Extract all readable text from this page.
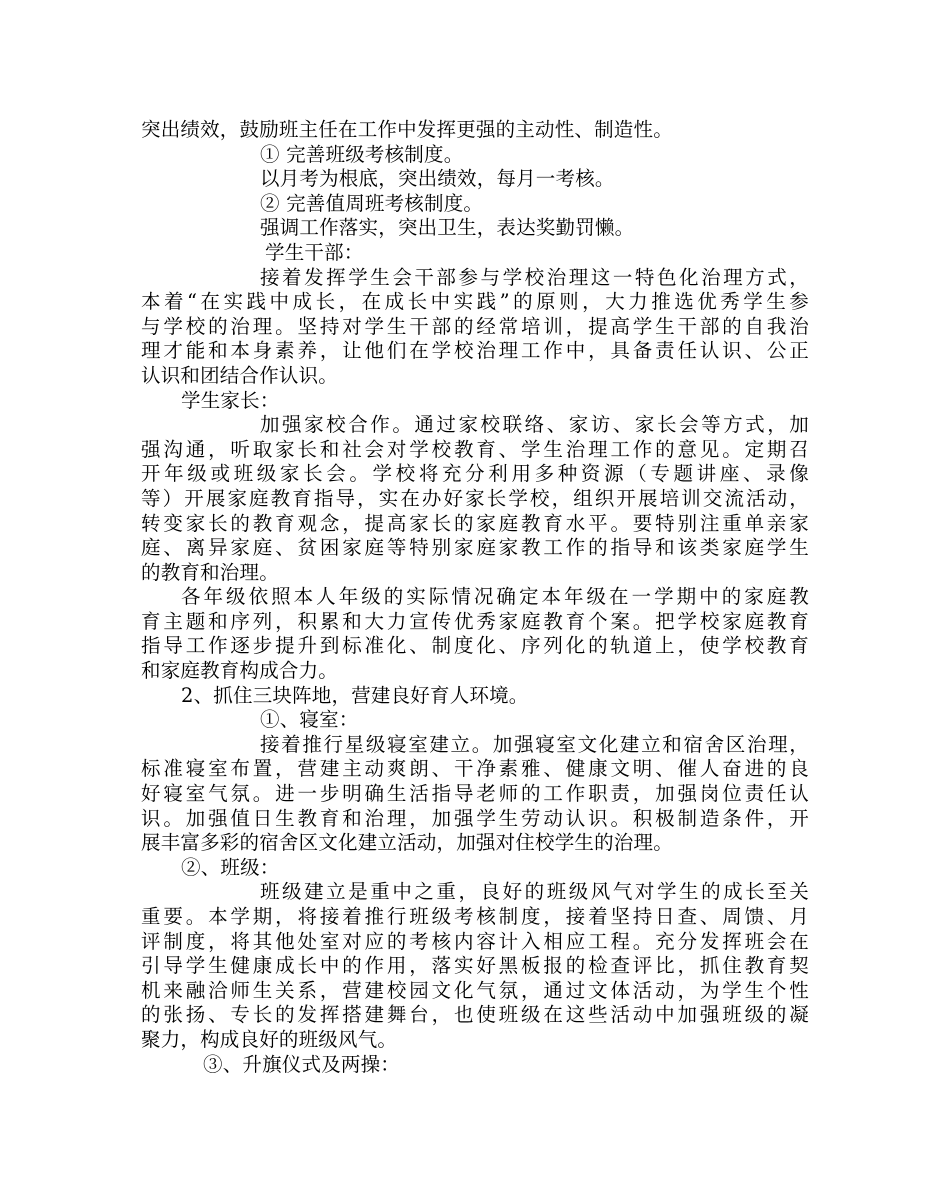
突出绩效，鼓励班主任在工作中发挥更强的主动性、制造性。
① 完善班级考核制度。
以月考为根底，突出绩效，每月一考核。
② 完善值周班考核制度。
强调工作落实，突出卫生，表达奖勤罚懒。
学生干部：
接着发挥学生会干部参与学校治理这一特色化治理方式，
本着“在实践中成长，在成长中实践”的原则，大力推选优秀学生参
与学校的治理。坚持对学生干部的经常培训，提高学生干部的自我治
理才能和本身素养，让他们在学校治理工作中，具备责任认识、公正
认识和团结合作认识。
学生家长：
加强家校合作。通过家校联络、家访、家长会等方式，加
强沟通，听取家长和社会对学校教育、学生治理工作的意见。定期召
开年级或班级家长会。学校将充分利用多种资源（专题讲座、录像
等）开展家庭教育指导，实在办好家长学校，组织开展培训交流活动，
转变家长的教育观念，提高家长的家庭教育水平。要特别注重单亲家
庭、离异家庭、贫困家庭等特别家庭家教工作的指导和该类家庭学生
的教育和治理。
各年级依照本人年级的实际情况确定本年级在一学期中的家庭教
育主题和序列，积累和大力宣传优秀家庭教育个案。把学校家庭教育
指导工作逐步提升到标准化、制度化、序列化的轨道上，使学校教育
和家庭教育构成合力。
2、抓住三块阵地，营建良好育人环境。
①、寝室：
接着推行星级寝室建立。加强寝室文化建立和宿舍区治理，
标准寝室布置，营建主动爽朗、干净素雅、健康文明、催人奋进的良
好寝室气氛。进一步明确生活指导老师的工作职责，加强岗位责任认
识。加强值日生教育和治理，加强学生劳动认识。积极制造条件，开
展丰富多彩的宿舍区文化建立活动，加强对住校学生的治理。
②、班级：
班级建立是重中之重，良好的班级风气对学生的成长至关
重要。本学期，将接着推行班级考核制度，接着坚持日查、周馈、月
评制度，将其他处室对应的考核内容计入相应工程。充分发挥班会在
引导学生健康成长中的作用，落实好黑板报的检查评比，抓住教育契
机来融洽师生关系，营建校园文化气氛，通过文体活动，为学生个性
的张扬、专长的发挥搭建舞台，也使班级在这些活动中加强班级的凝
聚力，构成良好的班级风气。
③、升旗仪式及两操：
